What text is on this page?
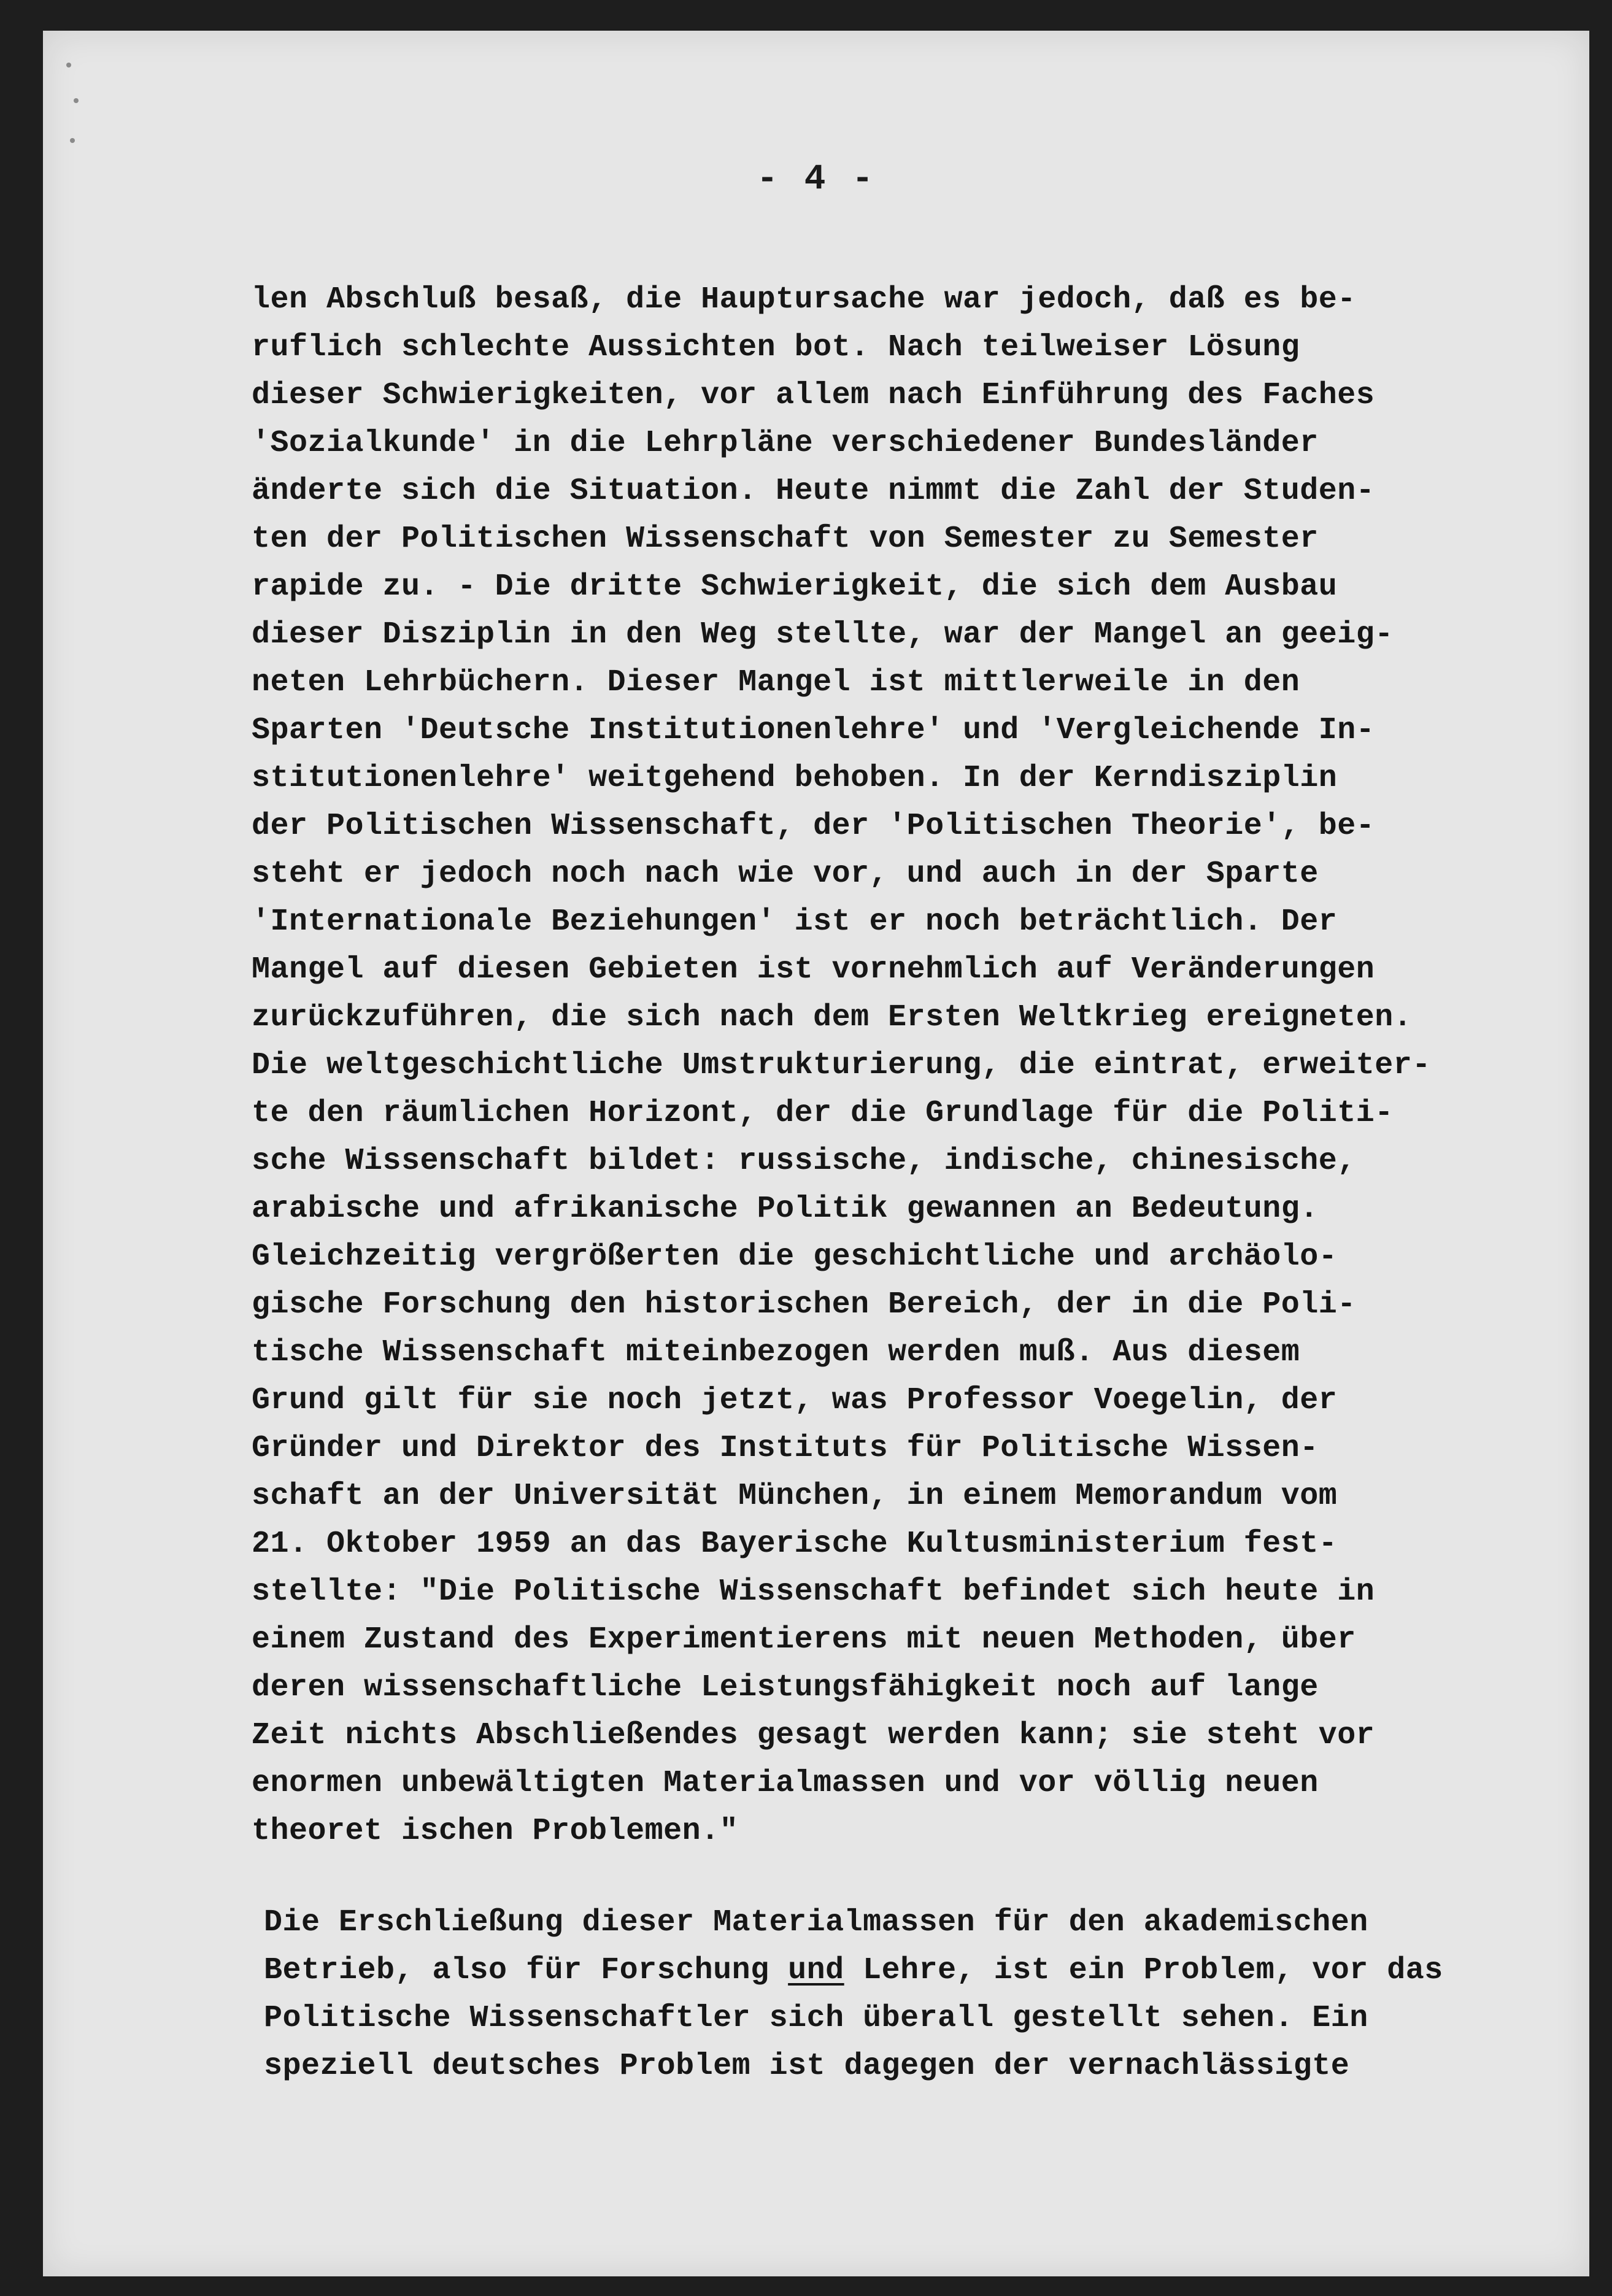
- 4 -
len Abschluß besaß, die Hauptursache war jedoch, daß es be-
ruflich schlechte Aussichten bot. Nach teilweiser Lösung
dieser Schwierigkeiten, vor allem nach Einführung des Faches
'Sozialkunde' in die Lehrpläne verschiedener Bundesländer
änderte sich die Situation. Heute nimmt die Zahl der Studen-
ten der Politischen Wissenschaft von Semester zu Semester
rapide zu. - Die dritte Schwierigkeit, die sich dem Ausbau
dieser Disziplin in den Weg stellte, war der Mangel an geeig-
neten Lehrbüchern. Dieser Mangel ist mittlerweile in den
Sparten 'Deutsche Institutionenlehre' und 'Vergleichende In-
stitutionenlehre' weitgehend behoben. In der Kerndisziplin
der Politischen Wissenschaft, der 'Politischen Theorie', be-
steht er jedoch noch nach wie vor, und auch in der Sparte
'Internationale Beziehungen' ist er noch beträchtlich. Der
Mangel auf diesen Gebieten ist vornehmlich auf Veränderungen
zurückzuführen, die sich nach dem Ersten Weltkrieg ereigneten.
Die weltgeschichtliche Umstrukturierung, die eintrat, erweiter-
te den räumlichen Horizont, der die Grundlage für die Politi-
sche Wissenschaft bildet: russische, indische, chinesische,
arabische und afrikanische Politik gewannen an Bedeutung.
Gleichzeitig vergrößerten die geschichtliche und archäolo-
gische Forschung den historischen Bereich, der in die Poli-
tische Wissenschaft miteinbezogen werden muß. Aus diesem
Grund gilt für sie noch jetzt, was Professor Voegelin, der
Gründer und Direktor des Instituts für Politische Wissen-
schaft an der Universität München, in einem Memorandum vom
21. Oktober 1959 an das Bayerische Kultusministerium fest-
stellte: "Die Politische Wissenschaft befindet sich heute in
einem Zustand des Experimentierens mit neuen Methoden, über
deren wissenschaftliche Leistungsfähigkeit noch auf lange
Zeit nichts Abschließendes gesagt werden kann; sie steht vor
enormen unbewältigten Materialmassen und vor völlig neuen
theoret ischen Problemen."
Die Erschließung dieser Materialmassen für den akademischen
Betrieb, also für Forschung und Lehre, ist ein Problem, vor das
Politische Wissenschaftler sich überall gestellt sehen. Ein
speziell deutsches Problem ist dagegen der vernachlässigte
